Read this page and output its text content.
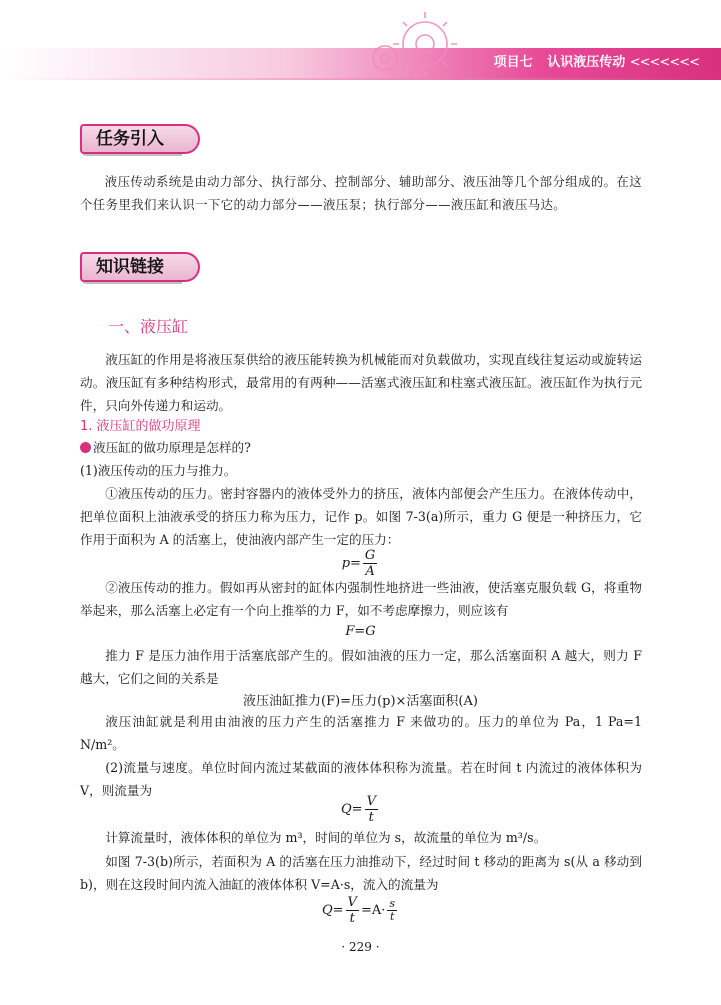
项目七 认识液压传动 <<<<<<<
任务引入
液压传动系统是由动力部分、执行部分、控制部分、辅助部分、液压油等几个部分组成的。在这个任务里我们来认识一下它的动力部分——液压泵；执行部分——液压缸和液压马达。
知识链接
一、液压缸
液压缸的作用是将液压泵供给的液压能转换为机械能而对负载做功，实现直线往复运动或旋转运动。液压缸有多种结构形式，最常用的有两种——活塞式液压缸和柱塞式液压缸。液压缸作为执行元件，只向外传递力和运动。
1. 液压缸的做功原理
液压缸的做功原理是怎样的?
(1)液压传动的压力与推力。
①液压传动的压力。密封容器内的液体受外力的挤压，液体内部便会产生压力。在液体传动中，把单位面积上油液承受的挤压力称为压力，记作 p。如图 7-3(a)所示，重力 G 便是一种挤压力，它作用于面积为 A 的活塞上，使油液内部产生一定的压力：
$p= \frac{G}{A}$
②液压传动的推力。假如再从密封的缸体内强制性地挤进一些油液，使活塞克服负载 G，将重物举起来，那么活塞上必定有一个向上推举的力 F，如不考虑摩擦力，则应该有
F=G
推力 F 是压力油作用于活塞底部产生的。假如油液的压力一定，那么活塞面积 A 越大，则力 F 越大，它们之间的关系是
液压油缸推力(F)=压力(p)×活塞面积(A)
液压油缸就是利用由油液的压力产生的活塞推力 F 来做功的。压力的单位为 Pa，1 Pa=1 N/m²。
(2)流量与速度。单位时间内流过某截面的液体体积称为流量。若在时间 t 内流过的液体体积为 V，则流量为
$Q= \frac{V}{t}$
计算流量时，液体体积的单位为 m³，时间的单位为 s，故流量的单位为 m³/s。
如图 7-3(b)所示，若面积为 A 的活塞在压力油推动下，经过时间 t 移动的距离为 s(从 a 移动到 b)，则在这段时间内流入油缸的液体体积 V=A·s，流入的流量为
$Q= \frac{V}{t} =A\cdot \frac{s}{t}$
· 229 ·
